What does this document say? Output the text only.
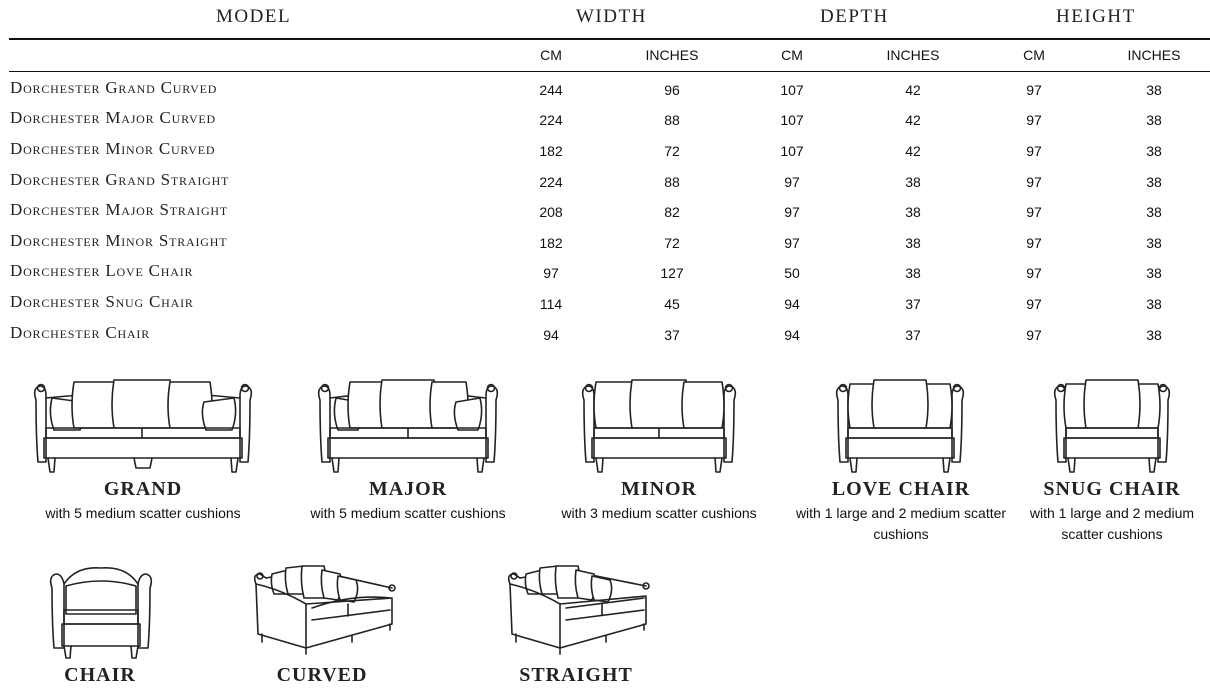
MODEL	WIDTH	DEPTH	HEIGHT
CM	INCHES	CM	INCHES	CM	INCHES
Dorchester Grand Curved	244	96	107	42	97	38
Dorchester Major Curved	224	88	107	42	97	38
Dorchester Minor Curved	182	72	107	42	97	38
Dorchester Grand Straight	224	88	97	38	97	38
Dorchester Major Straight	208	82	97	38	97	38
Dorchester Minor Straight	182	72	97	38	97	38
Dorchester Love Chair	97	127	50	38	97	38
Dorchester Snug Chair	114	45	94	37	97	38
Dorchester Chair	94	37	94	37	97	38
GRAND
with 5 medium scatter cushions
MAJOR
with 5 medium scatter cushions
MINOR
with 3 medium scatter cushions
LOVE CHAIR
with 1 large and 2 medium scatter cushions
SNUG CHAIR
with 1 large and 2 medium scatter cushions
CHAIR	CURVED	STRAIGHT
